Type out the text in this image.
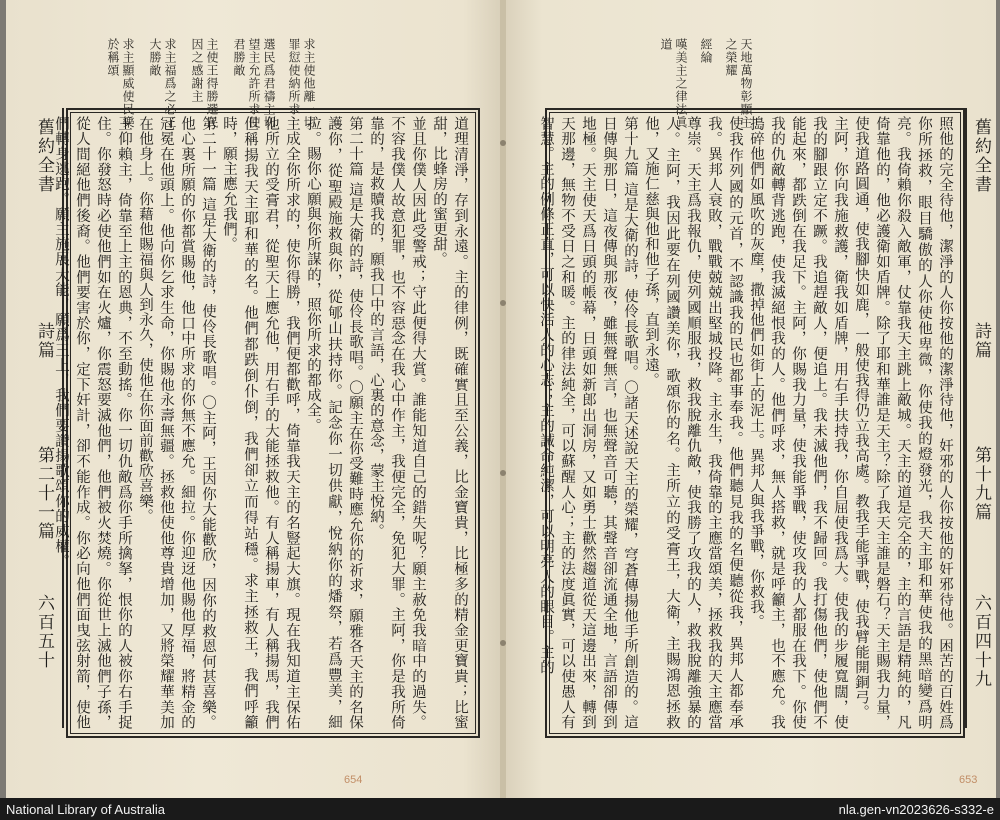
求主使他離一切罪愆使納所求
選民爲君禱主切望主允許所求使君勝敵
主使王得勝選民因之感謝主
求主福爲之必王大勝敵
求主顯威使民樂於稱頌
舊約全書
詩篇
第二十一篇
六百五十	道理清淨，存到永遠。主的律例，既確實且至公義，比金寶貴，比極多的精金更寶貴；比蜜甜，比蜂房的蜜更甜。

並且你僕人因此受警戒；守此便得大賞。誰能知道自己的錯失呢？願主赦免我暗中的過失。不容我僕人故意犯罪，也不容惡念在我心中作主，我便完全，免犯大罪。主阿，你是我所倚靠的，是救贖我的，願我口中的言語，心裏的意念，蒙主悅納。

第二十篇 這是大衛的詩，使伶長歌唱。〇願主在你受難時應允你的祈求，願雅各天主的名保護你，從聖殿施救與你，從郇山扶持你。記念你一切供獻，悅納你的燔祭，若爲豐美，細拉。賜你心願與你所謀的，照你所求的都成全。

主成全你所求的，使你得勝，我們便都歡呼，倚靠我天主的名豎起大旗。現在我知道主保佑他所立的受膏君，從聖天上應允他，用右手的大能拯救他。有人稱揚車，有人稱揚馬，我們但稱揚我天主耶和華的名。他們都跌倒仆倒，我們卻立而得站穩。求主拯救王，我們呼籲時，願主應允我們。

第二十一篇 這是大衛的詩，使伶長歌唱。〇主阿，王因你大能歡欣，因你的救恩何甚喜樂。他心裏所願的你都賞賜他，他口中所求的你無不應允。細拉。你迎迓他賜他厚福，將精金的冠冕在他頭上。他向你乞求生命，你賜他永壽無疆。拯救他使他尊貴增加，又將榮耀華美加在他身上。你藉他賜福與人到永久，使他在你面前歡欣喜樂。

王仰賴主，倚靠至上主的恩典，不至動搖。你一切仇敵爲你手所擒拏，恨你的人被你右手捉住。你發怒時必使他們如在火爐，你震怒要滅他們，他們被火焚燒。你從世上滅他們子孫，從人間絕他們後裔。他們要害於你，定下奸計，卻不能作成。你必向他們面曳弦射箭，使他們轉身逃跑。願主施展大能，願爲王上，我們要讚揚歌頌你的威權。

654
天地萬物彰顯主之榮耀
經綸
嘆美主之律法眞道

照他的完全待他，潔淨的人你按他的潔淨待他，奸邪的人你按他的奸邪待他。困苦的百姓爲你所拯救，眼目驕傲的人你使他卑微，你使我的燈發光，我天主耶和華使我的黑暗變爲明亮。我倚賴你殺入敵軍，仗靠我天主跳上敵城。天主的道是完全的，主的言語是精純的，凡倚靠他的，他必護衛如盾牌。除了耶和華誰是天主？除了我天主誰是磐石？天主賜我力量，使我道路圓通，使我腳快如鹿，一般使我得仍立我高處。教我手能爭戰，使我臂能開銅弓。

主阿，你向我施救護，衛我如盾牌，用右手扶持我，你自屈使我爲大。使我的步履寬闊，使我的腳跟立定不蹶。我追趕敵人，便追上。我未滅他們，我不歸回。我打傷他們，使他們不能起來，都跌倒在我足下。主阿，你賜我力量，使我能爭戰，使攻我的人都服在我下。你使我的仇敵轉背逃跑，使我滅絕恨我的人。他們呼求，無人搭救，就是呼籲主，也不應允。我搗碎他們如風吹的灰塵，撒掉他們如街上的泥土。異邦人與我爭戰，你救我。

使我作列國的元首，不認識我的民也都事奉我。他們聽見我的名便聽從我，異邦人都奉承我。異邦人衰敗，戰戰兢兢出堅城投降。主永生，我倚靠的主應當頌美，拯救我的天主應當尊崇。天主爲我報仇，使列國順服我，救我脫離仇敵，使我勝了攻我的人，救我脫離強暴的人。主阿，我因此要在列國讚美你，歌頌你的名。主所立的受膏王，大衛，主賜鴻恩拯救他，又施仁慈與他和他子孫，直到永遠。

第十九篇 這是大衛的詩，使伶長歌唱。〇諸天述說天主的榮耀，穹蒼傳揚他手所創造的。這日傳與那日，這夜傳與那夜，雖無聲無言，也無聲音可聽，其聲音卻流通全地，言語卻傳到地極。天主使天爲日頭的帳幕，日頭如新郎出洞房，又如勇士歡然趨道從天這邊出來，轉到天那邊，無物不受日之和暖。主的律法純全，可以蘇醒人心；主的法度眞實，可以使愚人有智慧。主的例條正直，可以快活人的心志；主的誡命純潔，可以明亮人的眼目。主的	舊約全書
詩篇
第十九篇
六百四十九
653
National Library of Australia	nla.gen-vn2023626-s332-e
